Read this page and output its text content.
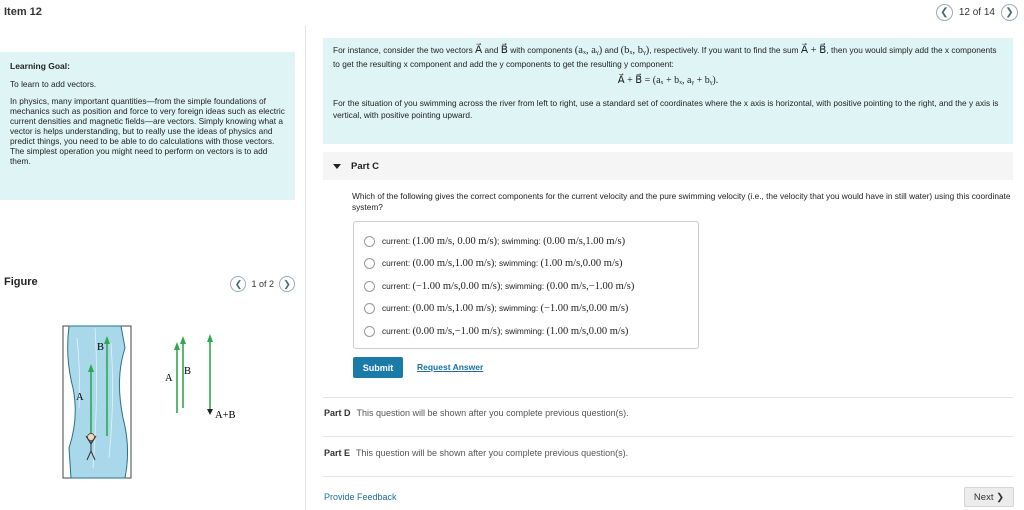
Item 12	❮ 12 of 14 ❯
Learning Goal:

To learn to add vectors.

In physics, many important quantities—from the simple foundations of mechanics such as position and force to very foreign ideas such as electric current densities and magnetic fields—are vectors. Simply knowing what a vector is helps understanding, but to really use the ideas of physics and predict things, you need to be able to do calculations with those vectors. The simplest operation you might need to perform on vectors is to add them.

Figure	❮ 1 of 2 ❯
B
A
A
B
A+B

For instance, consider the two vectors A⃗ and B⃗ with components (aₓ, aᵧ) and (bₓ, bᵧ), respectively. If you want to find the sum A⃗ + B⃗, then you would simply add the x components to get the resulting x component and add the y components to get the resulting y component:

A⃗ + B⃗ = (aₓ + bₓ, aᵧ + bᵧ).

For the situation of you swimming across the river from left to right, use a standard set of coordinates where the x axis is horizontal, with positive pointing to the right, and the y axis is vertical, with positive pointing upward.

Part C
Which of the following gives the correct components for the current velocity and the pure swimming velocity (i.e., the velocity that you would have in still water) using this coordinate system?
current: (1.00 m/s, 0.00 m/s); swimming: (0.00 m/s,1.00 m/s)
current: (0.00 m/s,1.00 m/s); swimming: (1.00 m/s,0.00 m/s)
current: (−1.00 m/s,0.00 m/s); swimming: (0.00 m/s,−1.00 m/s)
current: (0.00 m/s,1.00 m/s); swimming: (−1.00 m/s,0.00 m/s)
current: (0.00 m/s,−1.00 m/s); swimming: (1.00 m/s,0.00 m/s)
Submit	Request Answer
Part D This question will be shown after you complete previous question(s).
Part E This question will be shown after you complete previous question(s).
Provide Feedback	Next
❯
